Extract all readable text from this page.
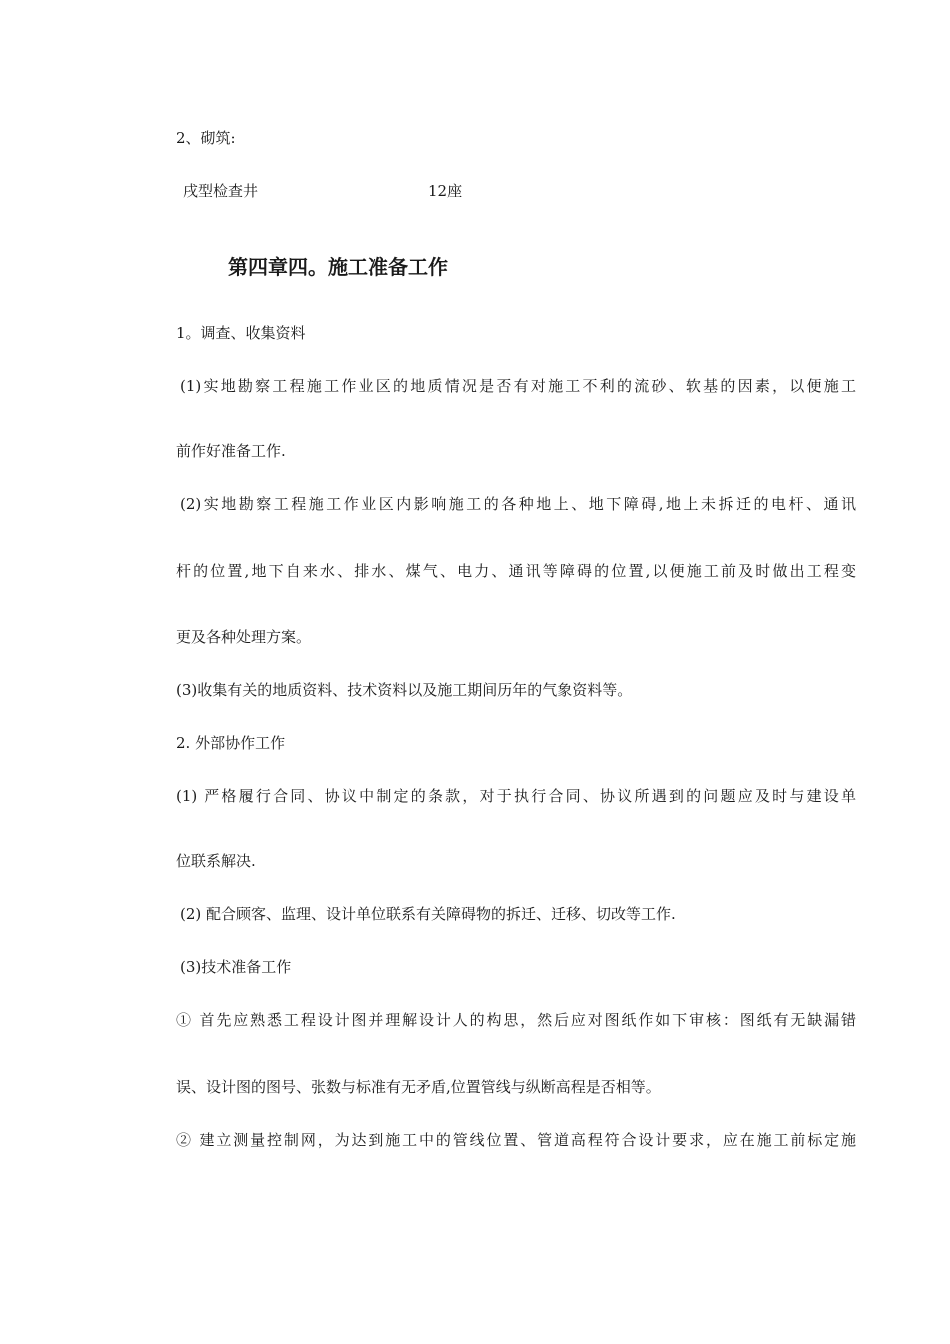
2、砌筑:
戌型检查井	12座
第四章四。施工准备工作
1。调查、收集资料
(1)实地勘察工程施工作业区的地质情况是否有对施工不利的流砂、软基的因素，以便施工
前作好准备工作.
(2)实地勘察工程施工作业区内影响施工的各种地上、地下障碍,地上未拆迁的电杆、通讯
杆的位置,地下自来水、排水、煤气、电力、通讯等障碍的位置,以便施工前及时做出工程变
更及各种处理方案。
(3)收集有关的地质资料、技术资料以及施工期间历年的气象资料等。
2. 外部协作工作
(1) 严格履行合同、协议中制定的条款，对于执行合同、协议所遇到的问题应及时与建设单
位联系解决.
(2) 配合顾客、监理、设计单位联系有关障碍物的拆迁、迁移、切改等工作.
(3)技术准备工作
① 首先应熟悉工程设计图并理解设计人的构思，然后应对图纸作如下审核：图纸有无缺漏错
误、设计图的图号、张数与标准有无矛盾,位置管线与纵断高程是否相等。
② 建立测量控制网，为达到施工中的管线位置、管道高程符合设计要求，应在施工前标定施
